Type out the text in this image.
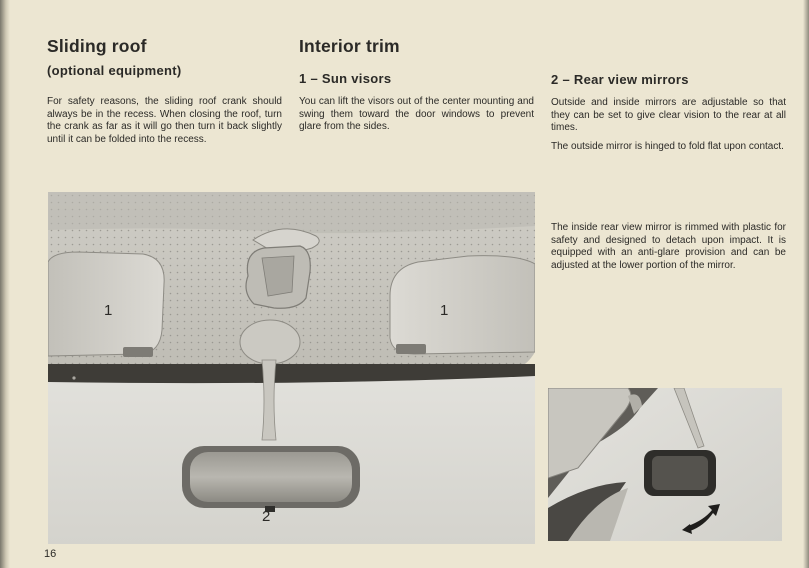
Sliding roof
(optional equipment)

For safety reasons, the sliding roof crank should always be in the recess. When closing the roof, turn the crank as far as it will go then turn it back slightly until it can be folded into the recess.

Interior trim
1 – Sun visors

You can lift the visors out of the center mounting and swing them toward the door windows to prevent glare from the sides.

2 – Rear view mirrors

Outside and inside mirrors are adjustable so that they can be set to give clear vision to the rear at all times.

The outside mirror is hinged to fold flat upon contact.

The inside rear view mirror is rimmed with plastic for safety and designed to detach upon impact. It is equipped with an anti-glare provision and can be adjusted at the lower portion of the mirror.

1	1
2
16
